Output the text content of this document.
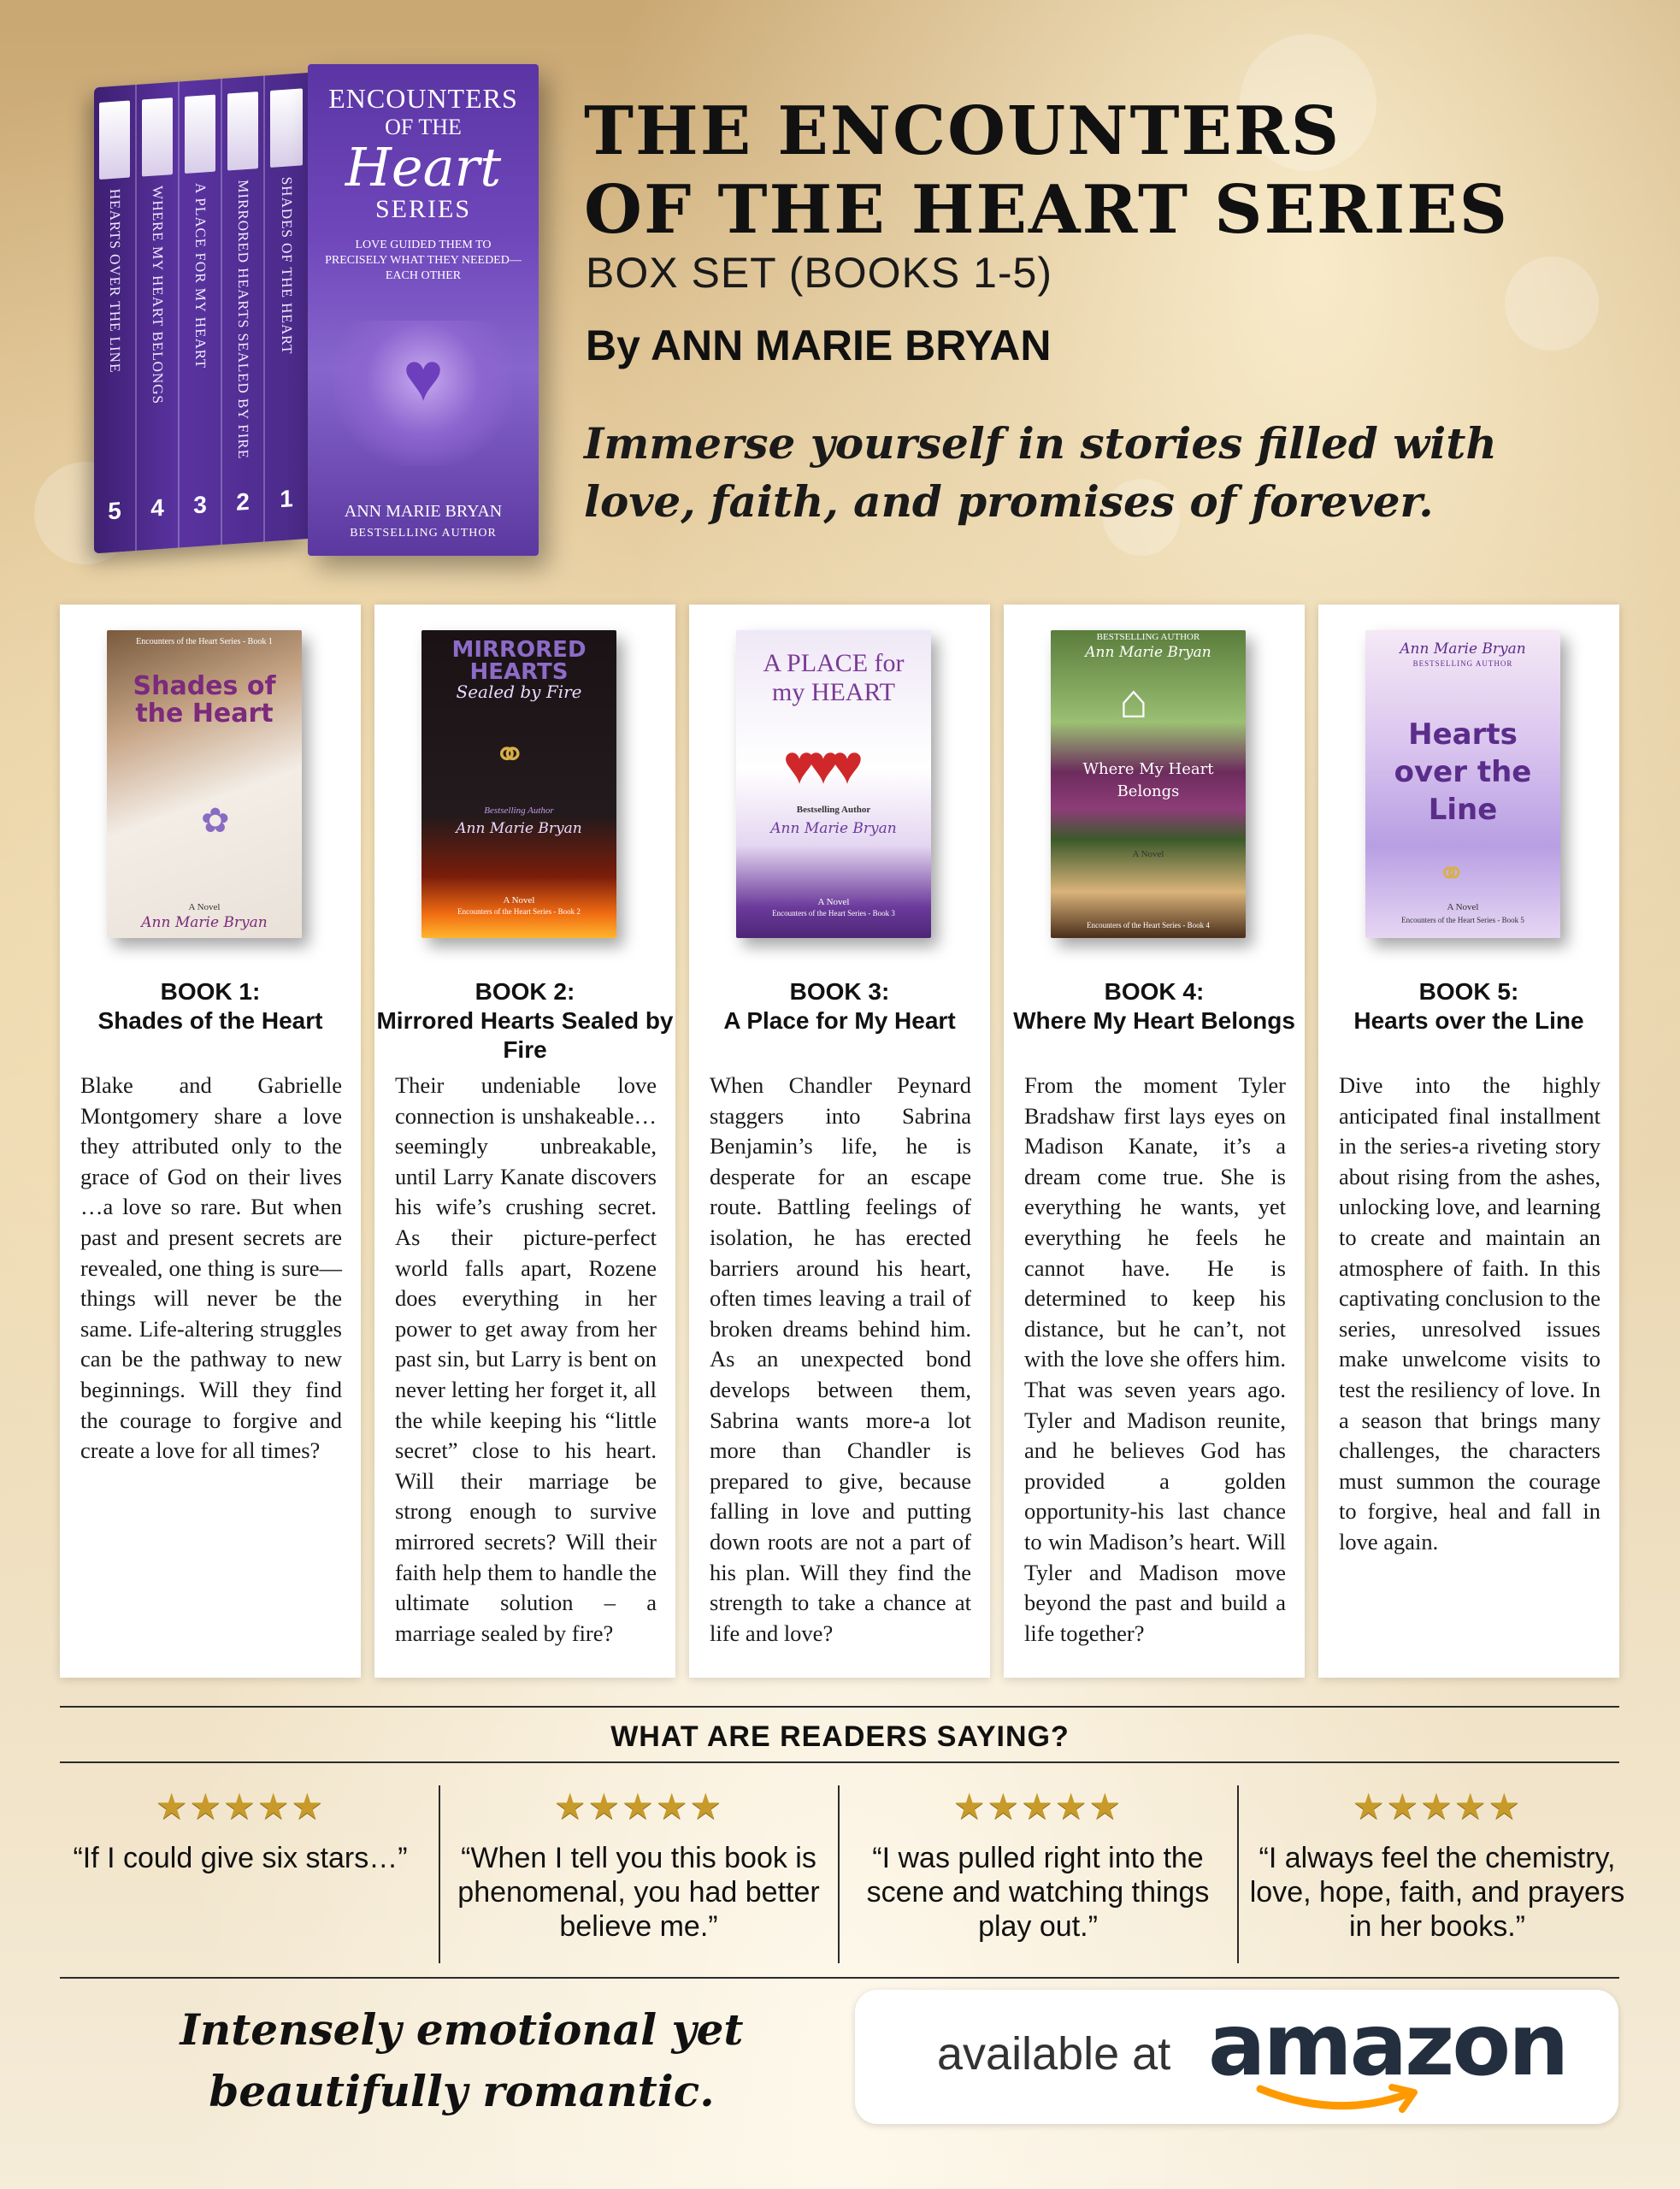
HEARTS OVER THE LINE
5
WHERE MY HEART BELONGS
4
A PLACE FOR MY HEART
3
MIRRORED HEARTS SEALED BY FIRE
2
SHADES OF THE HEART
1
ENCOUNTERS
OF THE
Heart
SERIES
LOVE GUIDED THEM TO PRECISELY WHAT THEY NEEDED—EACH OTHER
♥
ANN MARIE BRYAN
BESTSELLING AUTHOR
THE ENCOUNTERS
OF THE HEART SERIES
BOX SET (BOOKS 1-5)
By ANN MARIE BRYAN
Immerse yourself in stories filled with love, faith, and promises of forever.
Encounters of the Heart Series - Book 1
Shades of the Heart
✿
A Novel
Ann Marie Bryan
BOOK 1:
Shades of the Heart
Blake and Gabrielle Montgomery share a love they attributed only to the grace of God on their lives …a love so rare. But when past and present secrets are revealed, one thing is sure—things will never be the same. Life-altering struggles can be the pathway to new beginnings. Will they find the courage to forgive and create a love for all times?
MIRRORED HEARTS
Sealed by Fire
⚭
Bestselling Author
Ann Marie Bryan
A Novel
Encounters of the Heart Series - Book 2
BOOK 2:
Mirrored Hearts Sealed by Fire
Their undeniable love connection is unshakeable… seemingly unbreakable, until Larry Kanate discovers his wife’s crushing secret. As their picture-perfect world falls apart, Rozene does everything in her power to get away from her past sin, but Larry is bent on never letting her forget it, all the while keeping his “little secret” close to his heart. Will their marriage be strong enough to survive mirrored secrets? Will their faith help them to handle the ultimate solution – a marriage sealed by fire?
A PLACE for my HEART
♥♥♥
Bestselling Author
Ann Marie Bryan
A Novel
Encounters of the Heart Series - Book 3
BOOK 3:
A Place for My Heart
When Chandler Peynard staggers into Sabrina Benjamin’s life, he is desperate for an escape route. Battling feelings of isolation, he has erected barriers around his heart, often times leaving a trail of broken dreams behind him. As an unexpected bond develops between them, Sabrina wants more-a lot more than Chandler is prepared to give, because falling in love and putting down roots are not a part of his plan. Will they find the strength to take a chance at life and love?
BESTSELLING AUTHOR
Ann Marie Bryan
⌂
Where My Heart Belongs
A Novel
Encounters of the Heart Series - Book 4
BOOK 4:
Where My Heart Belongs
From the moment Tyler Bradshaw first lays eyes on Madison Kanate, it’s a dream come true. She is everything he wants, yet everything he feels he cannot have. He is determined to keep his distance, but he can’t, not with the love she offers him. That was seven years ago. Tyler and Madison reunite, and he believes God has provided a golden opportunity-his last chance to win Madison’s heart. Will Tyler and Madison move beyond the past and build a life together?
Ann Marie Bryan
BESTSELLING AUTHOR
Hearts over the Line
⚭
A Novel
Encounters of the Heart Series - Book 5
BOOK 5:
Hearts over the Line
Dive into the highly anticipated final installment in the series-a riveting story about rising from the ashes, unlocking love, and learning to create and maintain an atmosphere of faith. In this captivating conclusion to the series, unresolved issues make unwelcome visits to test the resiliency of love. In a season that brings many challenges, the characters must summon the courage to forgive, heal and fall in love again.
WHAT ARE READERS SAYING?
★★★★★
“If I could give six stars…”
★★★★★
“When I tell you this book is phenomenal, you had better believe me.”
★★★★★
“I was pulled right into the scene and watching things play out.”
★★★★★
“I always feel the chemistry, love, hope, faith, and prayers in her books.”
Intensely emotional yet beautifully romantic.
available at amazon
